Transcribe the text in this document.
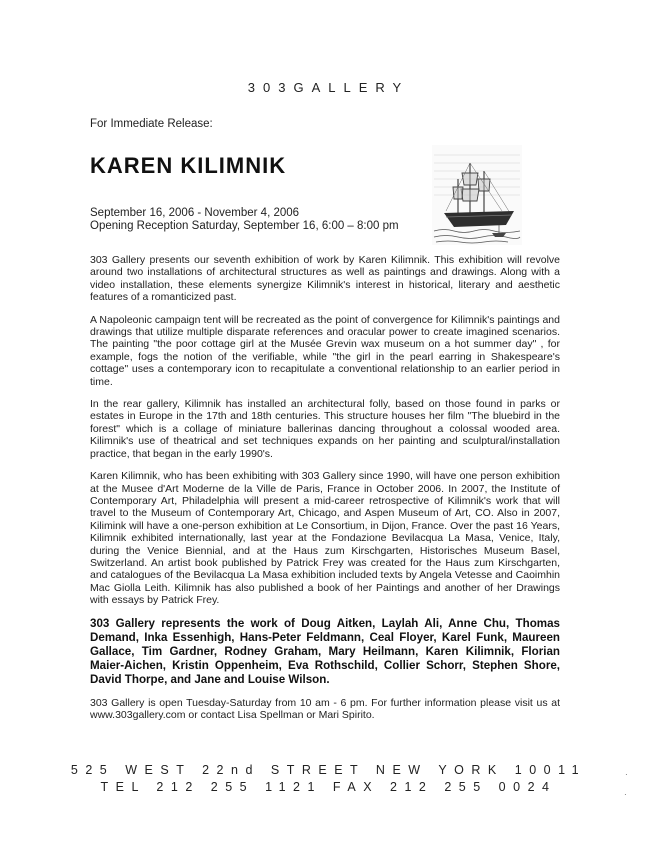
303GALLERY
For Immediate Release:
KAREN KILIMNIK
September 16, 2006 - November 4, 2006
Opening Reception Saturday, September 16, 6:00 – 8:00 pm

303 Gallery presents our seventh exhibition of work by Karen Kilimnik. This exhibition will revolve around two installations of architectural structures as well as paintings and drawings. Along with a video installation, these elements synergize Kilimnik's interest in historical, literary and aesthetic features of a romanticized past.

A Napoleonic campaign tent will be recreated as the point of convergence for Kilimnik's paintings and drawings that utilize multiple disparate references and oracular power to create imagined scenarios. The painting "the poor cottage girl at the Musée Grevin wax museum on a hot summer day" , for example, fogs the notion of the verifiable, while "the girl in the pearl earring in Shakespeare's cottage" uses a contemporary icon to recapitulate a conventional relationship to an earlier period in time.

In the rear gallery, Kilimnik has installed an architectural folly, based on those found in parks or estates in Europe in the 17th and 18th centuries. This structure houses her film "The bluebird in the forest" which is a collage of miniature ballerinas dancing throughout a colossal wooded area. Kilimnik's use of theatrical and set techniques expands on her painting and sculptural/installation practice, that began in the early 1990's.

Karen Kilimnik, who has been exhibiting with 303 Gallery since 1990, will have one person exhibition at the Musee d'Art Moderne de la Ville de Paris, France in October 2006. In 2007, the Institute of Contemporary Art, Philadelphia will present a mid-career retrospective of Kilimnik's work that will travel to the Museum of Contemporary Art, Chicago, and Aspen Museum of Art, CO. Also in 2007, Kilimink will have a one-person exhibition at Le Consortium, in Dijon, France. Over the past 16 Years, Kilimnik exhibited internationally, last year at the Fondazione Bevilacqua La Masa, Venice, Italy, during the Venice Biennial, and at the Haus zum Kirschgarten, Historisches Museum Basel, Switzerland. An artist book published by Patrick Frey was created for the Haus zum Kirschgarten, and catalogues of the Bevilacqua La Masa exhibition included texts by Angela Vetesse and Caoimhin Mac Giolla Leith. Kilimnik has also published a book of her Paintings and another of her Drawings with essays by Patrick Frey.

303 Gallery represents the work of Doug Aitken, Laylah Ali, Anne Chu, Thomas Demand, Inka Essenhigh, Hans-Peter Feldmann, Ceal Floyer, Karel Funk, Maureen Gallace, Tim Gardner, Rodney Graham, Mary Heilmann, Karen Kilimnik, Florian Maier-Aichen, Kristin Oppenheim, Eva Rothschild, Collier Schorr, Stephen Shore, David Thorpe, and Jane and Louise Wilson.

303 Gallery is open Tuesday-Saturday from 10 am - 6 pm. For further information please visit us at www.303gallery.com or contact Lisa Spellman or Mari Spirito.

525 WEST 22nd STREET NEW YORK 10011
TEL 212 255 1121 FAX 212 255 0024
·
·
